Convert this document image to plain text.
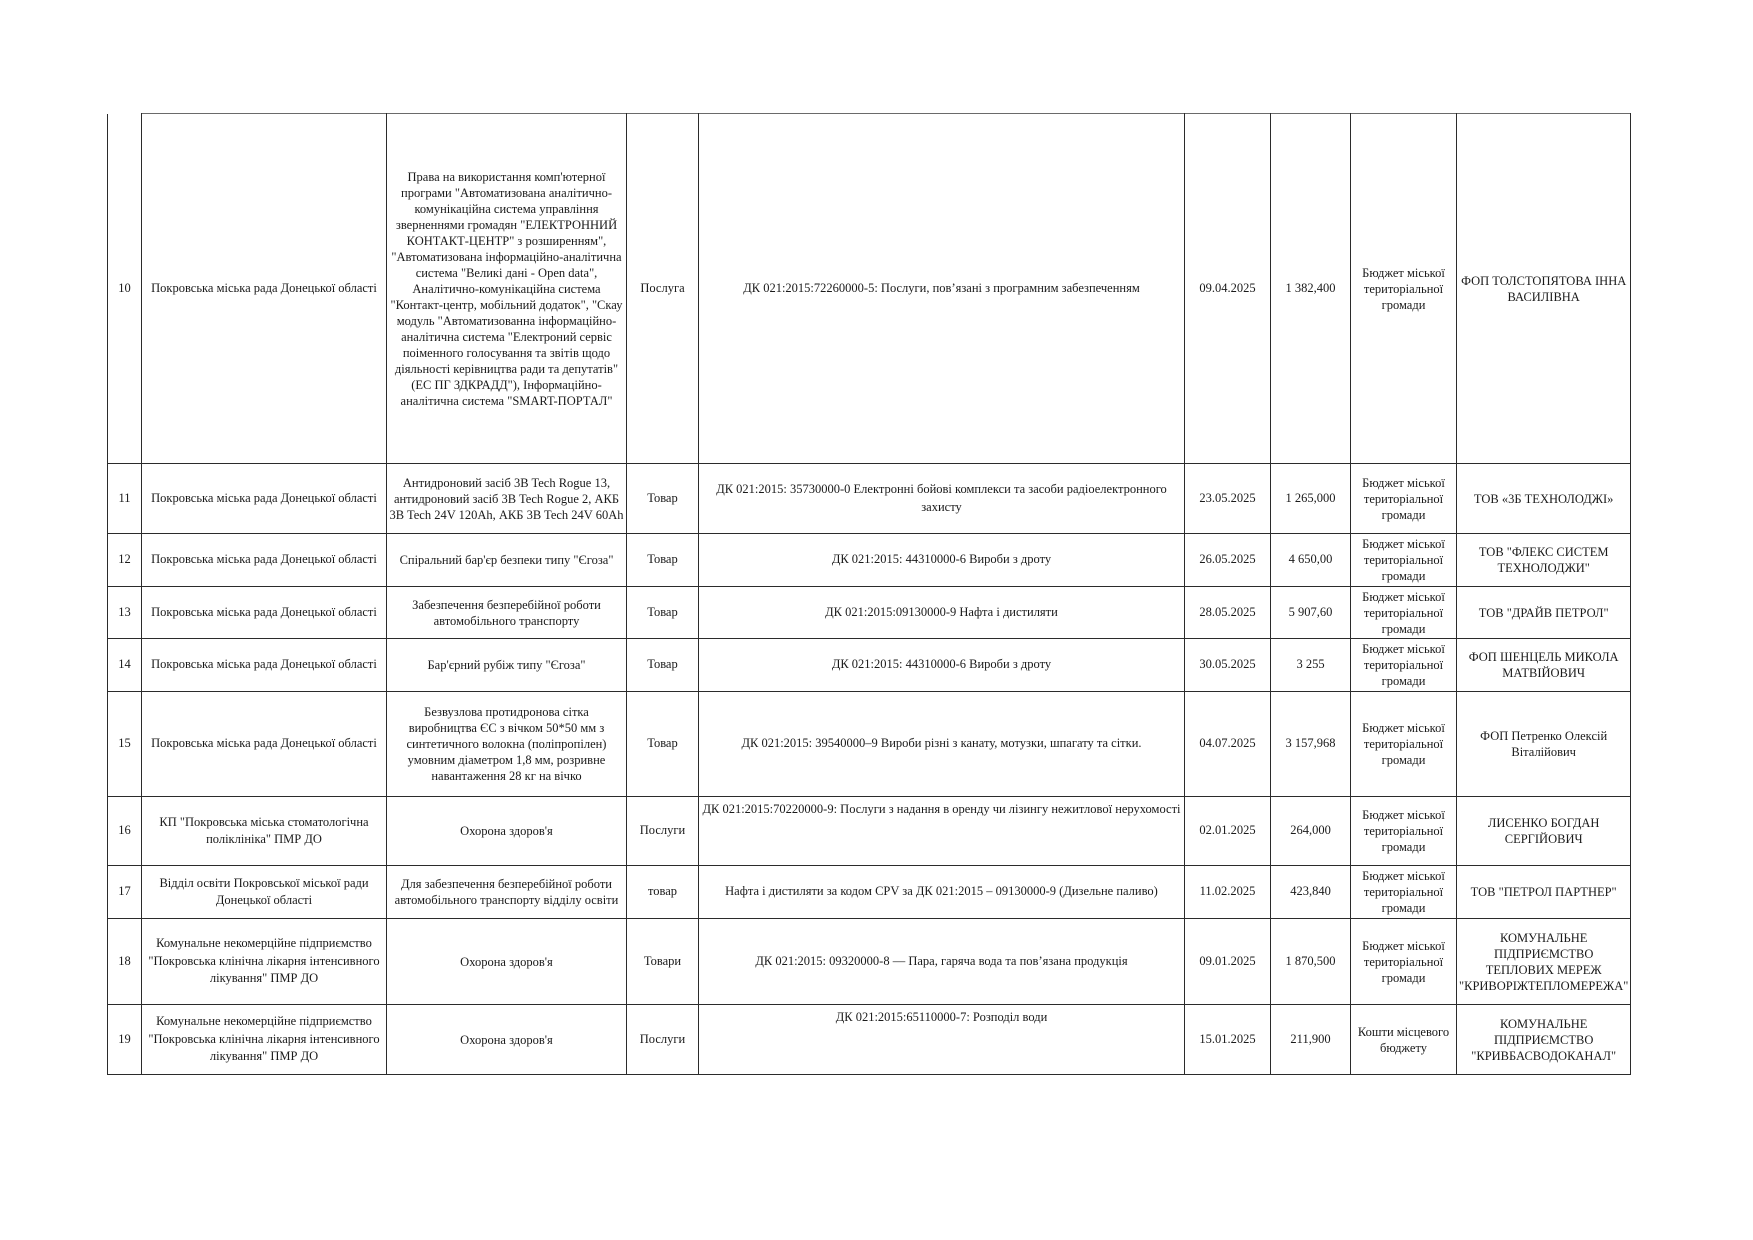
10	Покровська міська рада Донецької області	Права на використання комп'ютерної програми "Автоматизована аналітично-комунікаційна система управління зверненнями громадян "ЕЛЕКТРОННИЙ КОНТАКТ-ЦЕНТР" з розширенням", "Автоматизована інформаційно-аналітична система "Великі дані - Open data", Аналітично-комунікаційна система "Контакт-центр, мобільний додаток", "Скау модуль "Автоматизованна інформаційно-аналітична система "Електроний сервіс поіменного голосування та звітів щодо діяльності керівництва ради та депутатів" (ЕС ПГ ЗДКРАДД"), Інформаційно-аналітична система "SMART-ПОРТАЛ"	Послуга	ДК 021:2015:72260000-5: Послуги, пов’язані з програмним забезпеченням	09.04.2025	1 382,400	Бюджет міської територіальної громади	ФОП ТОЛСТОПЯТОВА ІННА ВАСИЛІВНА
11	Покровська міська рада Донецької області	Антидроновий засіб 3B Tech Rogue 13, антидроновий засіб 3B Tech Rogue 2, АКБ 3B Tech 24V 120Ah, АКБ 3B Tech 24V 60Ah	Товар	ДК 021:2015: 35730000-0 Електронні бойові комплекси та засоби радіоелектронного захисту	23.05.2025	1 265,000	Бюджет міської територіальної громади	ТОВ «3Б ТЕХНОЛОДЖІ»
12	Покровська міська рада Донецької області	Спіральний бар'єр безпеки типу "Єгоза"	Товар	ДК 021:2015: 44310000-6 Вироби з дроту	26.05.2025	4 650,00	Бюджет міської територіальної громади	ТОВ "ФЛЕКС СИСТЕМ ТЕХНОЛОДЖИ"
13	Покровська міська рада Донецької області	Забезпечення безперебійної роботи автомобільного транспорту	Товар	ДК 021:2015:09130000-9 Нафта і дистиляти	28.05.2025	5 907,60	Бюджет міської територіальної громади	ТОВ "ДРАЙВ ПЕТРОЛ"
14	Покровська міська рада Донецької області	Бар'єрний рубіж типу "Єгоза"	Товар	ДК 021:2015: 44310000-6 Вироби з дроту	30.05.2025	3 255	Бюджет міської територіальної громади	ФОП ШЕНЦЕЛЬ МИКОЛА МАТВІЙОВИЧ
15	Покровська міська рада Донецької області	Безвузлова протидронова сітка виробництва ЄС з вічком 50*50 мм з синтетичного волокна (поліпропілен) умовним діаметром 1,8 мм, розривне навантаження 28 кг на вічко	Товар	ДК 021:2015: 39540000–9 Вироби різні з канату, мотузки, шпагату та сітки.	04.07.2025	3 157,968	Бюджет міської територіальної громади	ФОП Петренко Олексій Віталійович
16	КП "Покровська міська стоматологічна поліклініка" ПМР ДО	Охорона здоров'я	Послуги	ДК 021:2015:70220000-9: Послуги з надання в оренду чи лізингу нежитлової нерухомості	02.01.2025	264,000	Бюджет міської територіальної громади	ЛИСЕНКО БОГДАН СЕРГІЙОВИЧ
17	Відділ освіти Покровської міської ради Донецької області	Для забезпечення безперебійної роботи автомобільного транспорту відділу освіти	товар	Нафта і дистиляти за кодом CPV за ДК 021:2015 – 09130000-9 (Дизельне паливо)	11.02.2025	423,840	Бюджет міської територіальної громади	ТОВ "ПЕТРОЛ ПАРТНЕР"
18	Комунальне некомерційне підприємство "Покровська клінічна лікарня інтенсивного лікування" ПМР ДО	Охорона здоров'я	Товари	ДК 021:2015: 09320000-8 — Пара, гаряча вода та пов’язана продукція	09.01.2025	1 870,500	Бюджет міської територіальної громади	КОМУНАЛЬНЕ ПІДПРИЄМСТВО ТЕПЛОВИХ МЕРЕЖ "КРИВОРІЖТЕПЛОМЕРЕЖА"
19	Комунальне некомерційне підприємство "Покровська клінічна лікарня інтенсивного лікування" ПМР ДО	Охорона здоров'я	Послуги	ДК 021:2015:65110000-7: Розподіл води	15.01.2025	211,900	Кошти місцевого бюджету	КОМУНАЛЬНЕ ПІДПРИЄМСТВО "КРИВБАСВОДОКАНАЛ"
